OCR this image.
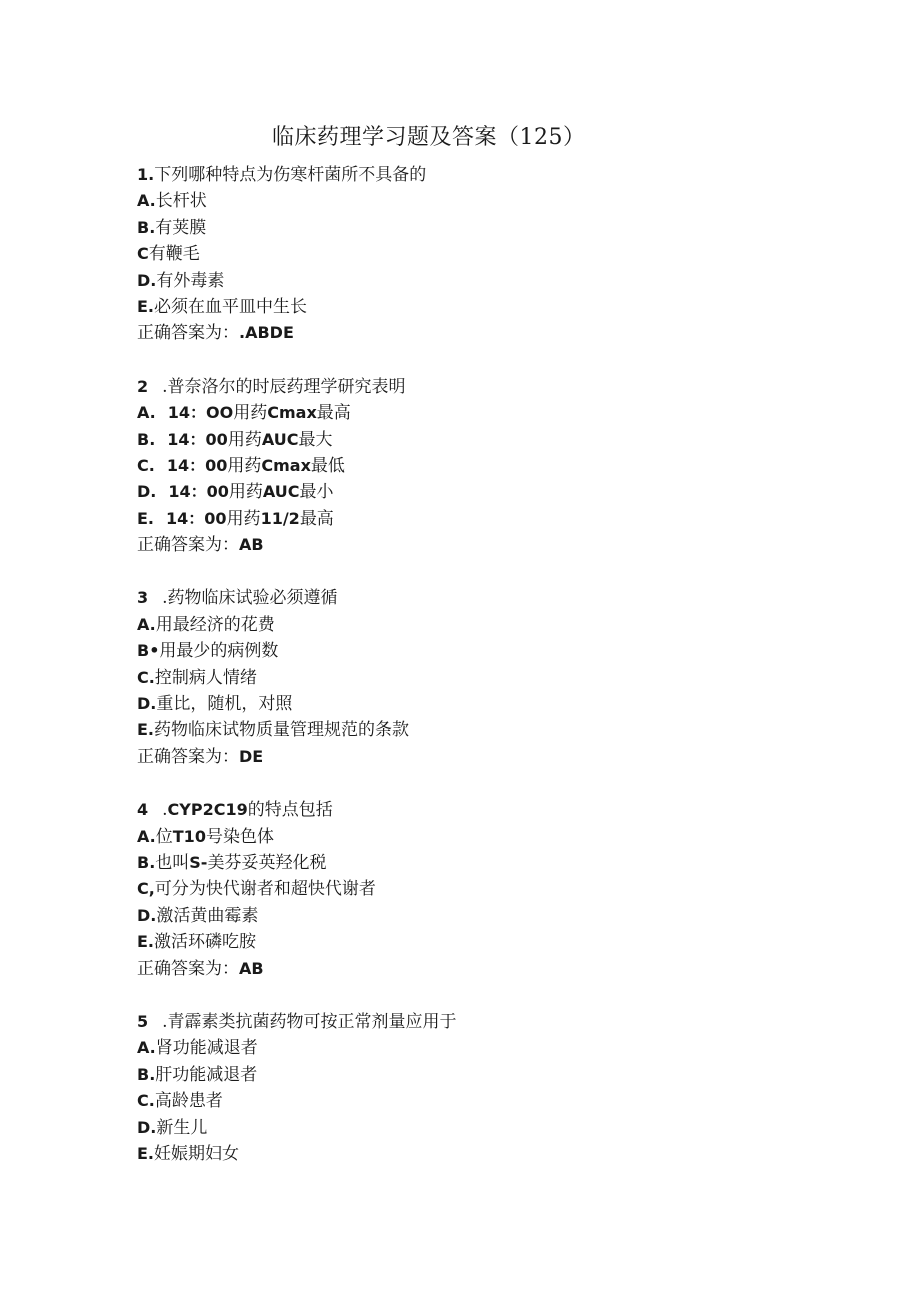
临床药理学习题及答案（125）

1.下列哪种特点为伤寒杆菌所不具备的

A.长杆状

B.有荚膜

C有鞭毛

D.有外毒素

E.必须在血平皿中生长

正确答案为：.ABDE

2 .普奈洛尔的时辰药理学研究表明

A. 14：OO用药Cmax最高

B. 14：00用药AUC最大

C. 14：00用药Cmax最低

D. 14：00用药AUC最小

E. 14：00用药11/2最高

正确答案为：AB

3 .药物临床试验必须遵循

A.用最经济的花费

B•用最少的病例数

C.控制病人情绪

D.重比，随机，对照

E.药物临床试物质量管理规范的条款

正确答案为：DE

4 .CYP2C19的特点包括

A.位T10号染色体

B.也叫S-美芬妥英羟化税

C,可分为快代谢者和超快代谢者

D.激活黄曲霉素

E.激活环磷吃胺

正确答案为：AB

5 .青霹素类抗菌药物可按正常剂量应用于

A.肾功能减退者

B.肝功能减退者

C.高龄患者

D.新生儿

E.妊娠期妇女
